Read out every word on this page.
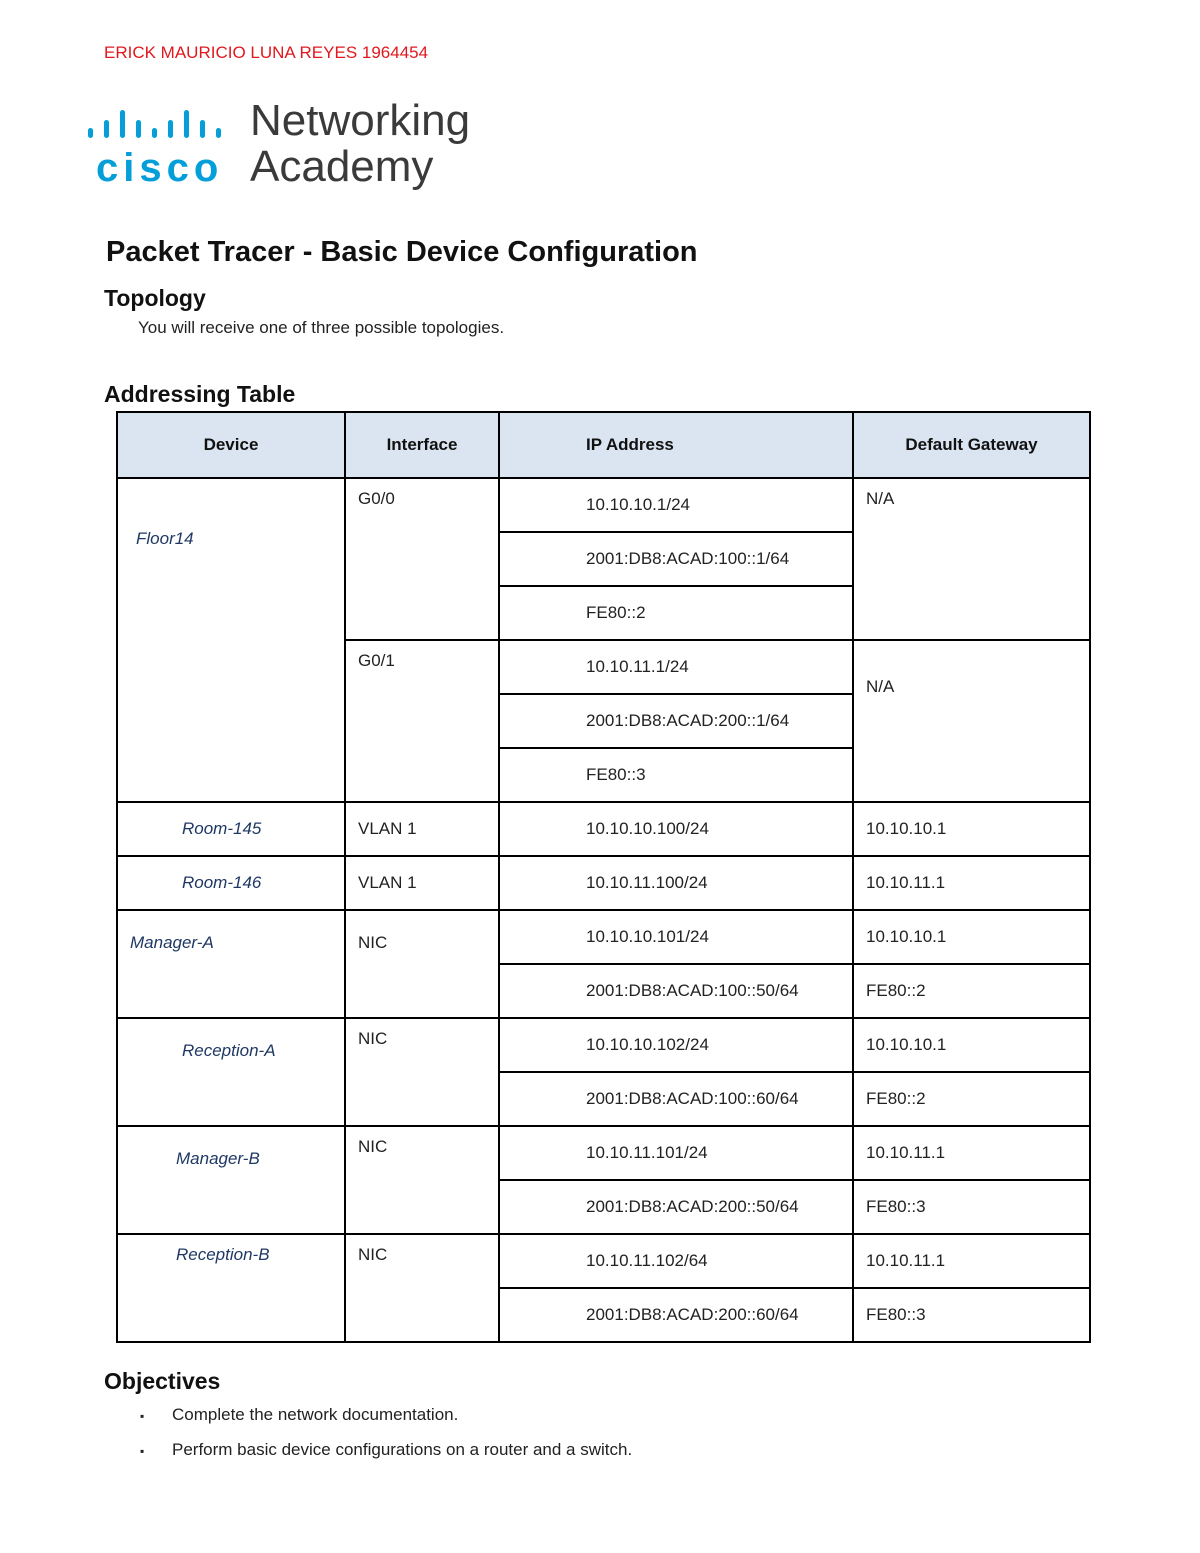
ERICK MAURICIO LUNA REYES 1964454
cisco
Networking
Academy
Packet Tracer - Basic Device Configuration
Topology
You will receive one of three possible topologies.
Addressing Table
Device	Interface	IP Address	Default Gateway
Floor14	G0/0	10.10.10.1/24	N/A
		2001:DB8:ACAD:100::1/64	
		FE80::2	
	G0/1	10.10.11.1/24	N/A
		2001:DB8:ACAD:200::1/64	
		FE80::3	
Room-145	VLAN 1	10.10.10.100/24	10.10.10.1
Room-146	VLAN 1	10.10.11.100/24	10.10.11.1
Manager-A	NIC	10.10.10.101/24	10.10.10.1
		2001:DB8:ACAD:100::50/64	FE80::2
Reception-A	NIC	10.10.10.102/24	10.10.10.1
		2001:DB8:ACAD:100::60/64	FE80::2
Manager-B	NIC	10.10.11.101/24	10.10.11.1
		2001:DB8:ACAD:200::50/64	FE80::3
Reception-B	NIC	10.10.11.102/64	10.10.11.1
		2001:DB8:ACAD:200::60/64	FE80::3
Objectives
▪ Complete the network documentation.
▪ Perform basic device configurations on a router and a switch.
